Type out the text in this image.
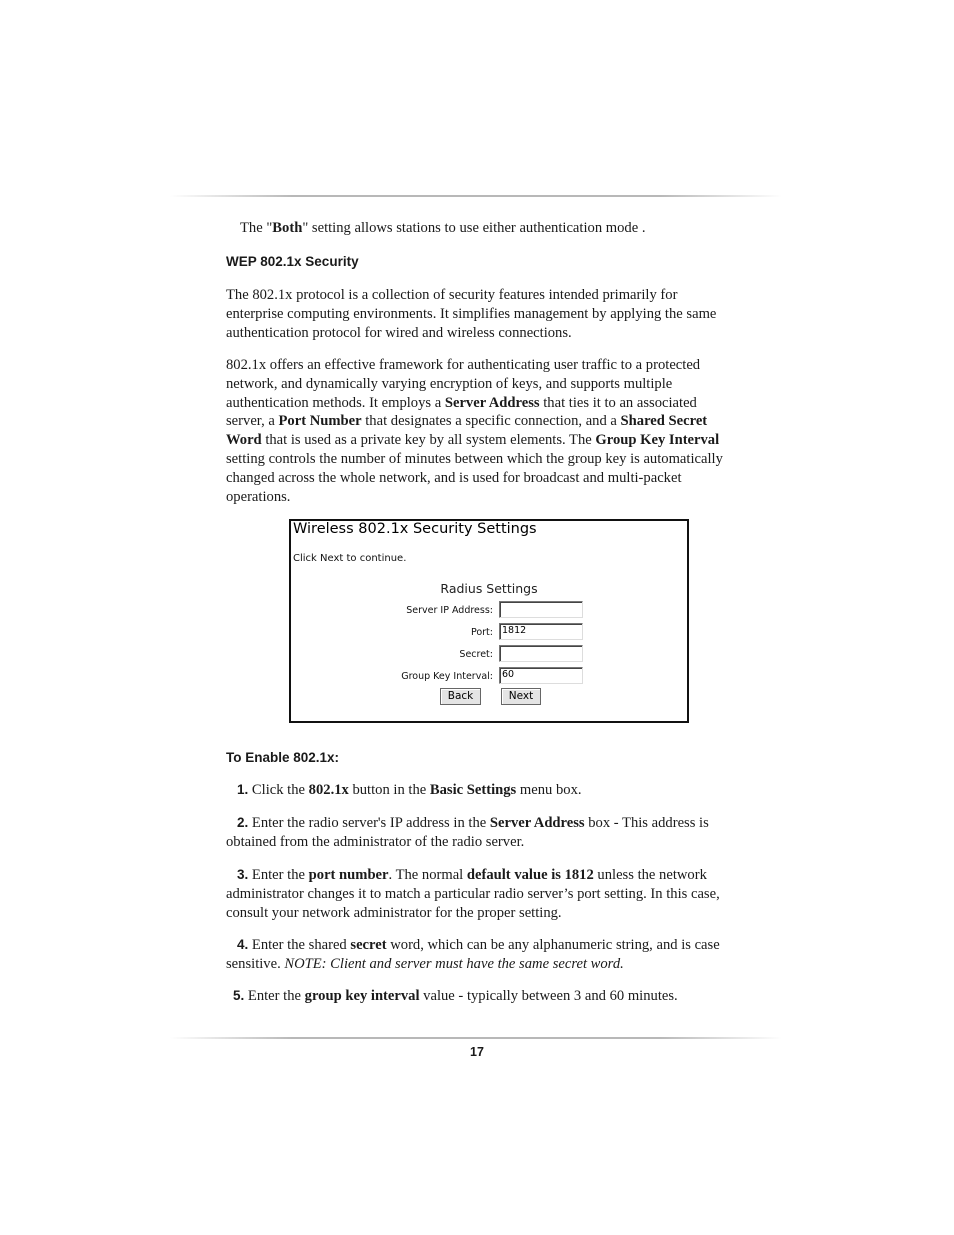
The "Both" setting allows stations to use either authentication mode .

WEP 802.1x Security

The 802.1x protocol is a collection of security features intended primarily for enterprise computing environments. It simplifies management by applying the same authentication protocol for wired and wireless connections.

802.1x offers an effective framework for authenticating user traffic to a protected network, and dynamically varying encryption of keys, and supports multiple authentication methods. It employs a Server Address that ties it to an associated server, a Port Number that designates a specific connection, and a Shared Secret Word that is used as a private key by all system elements. The Group Key Interval setting controls the number of minutes between which the group key is automatically changed across the whole network, and is used for broadcast and multi-packet operations.

Wireless 802.1x Security Settings
Click Next to continue.
Radius Settings
Server IP Address:
Port: 1812
Secret:
Group Key Interval: 60
Back	Next
To Enable 802.1x:

1. Click the 802.1x button in the Basic Settings menu box.

2. Enter the radio server's IP address in the Server Address box - This address is obtained from the administrator of the radio server.

3. Enter the port number. The normal default value is 1812 unless the network administrator changes it to match a particular radio server’s port setting. In this case, consult your network administrator for the proper setting.

4. Enter the shared secret word, which can be any alphanumeric string, and is case sensitive. NOTE: Client and server must have the same secret word.

5. Enter the group key interval value - typically between 3 and 60 minutes.

17
